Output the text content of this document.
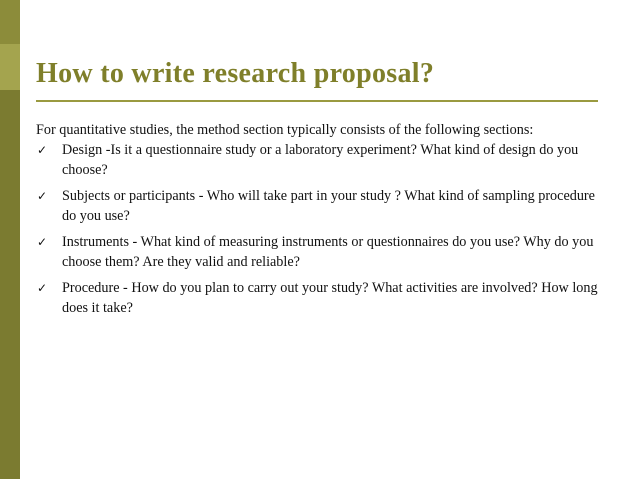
How to write research proposal?

For quantitative studies, the method section typically consists of the following sections:

✓ Design -Is it a questionnaire study or a laboratory experiment? What kind of design do you choose?
✓ Subjects or participants - Who will take part in your study ? What kind of sampling procedure do you use?
✓ Instruments - What kind of measuring instruments or questionnaires do you use? Why do you choose them? Are they valid and reliable?
✓ Procedure - How do you plan to carry out your study? What activities are involved? How long does it take?
